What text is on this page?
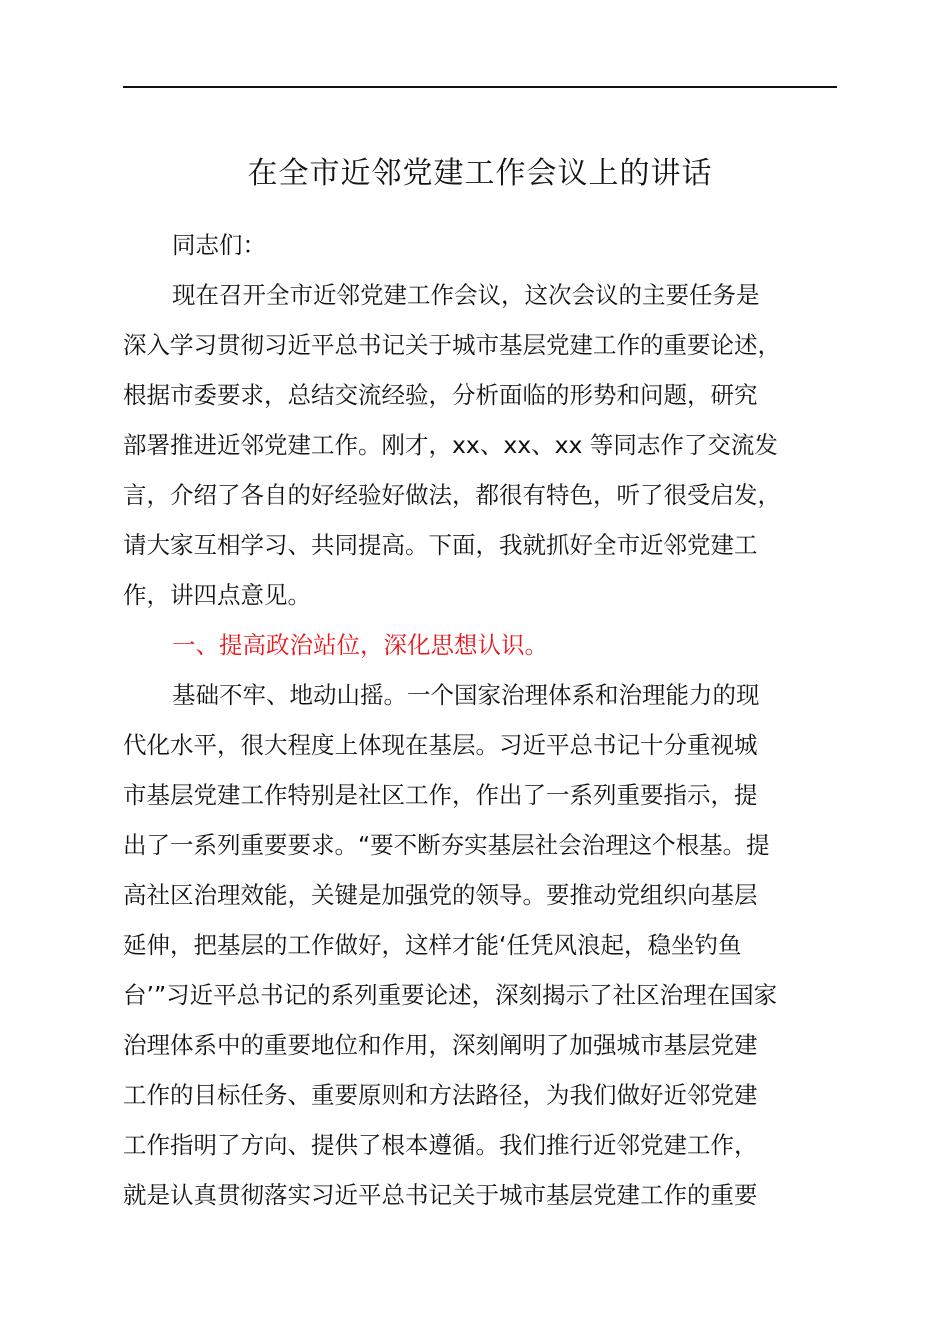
在全市近邻党建工作会议上的讲话

同志们：

现在召开全市近邻党建工作会议，这次会议的主要任务是

深入学习贯彻习近平总书记关于城市基层党建工作的重要论述，

根据市委要求，总结交流经验，分析面临的形势和问题，研究

部署推进近邻党建工作。刚才，xx、xx、xx 等同志作了交流发

言，介绍了各自的好经验好做法，都很有特色，听了很受启发，

请大家互相学习、共同提高。下面，我就抓好全市近邻党建工

作，讲四点意见。

一、提高政治站位，深化思想认识。

基础不牢、地动山摇。一个国家治理体系和治理能力的现

代化水平，很大程度上体现在基层。习近平总书记十分重视城

市基层党建工作特别是社区工作，作出了一系列重要指示，提

出了一系列重要要求。“要不断夯实基层社会治理这个根基。提

高社区治理效能，关键是加强党的领导。要推动党组织向基层

延伸，把基层的工作做好，这样才能‘任凭风浪起，稳坐钓鱼

台’”习近平总书记的系列重要论述，深刻揭示了社区治理在国家

治理体系中的重要地位和作用，深刻阐明了加强城市基层党建

工作的目标任务、重要原则和方法路径，为我们做好近邻党建

工作指明了方向、提供了根本遵循。我们推行近邻党建工作，

就是认真贯彻落实习近平总书记关于城市基层党建工作的重要
